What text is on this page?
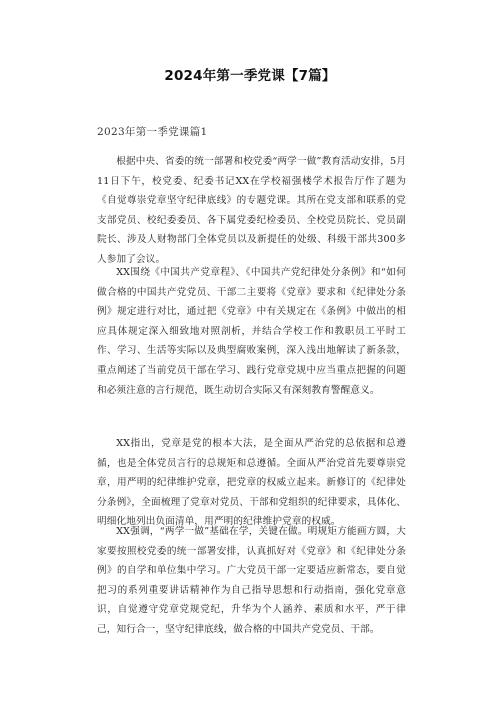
2024年第一季党课【7篇】
2023年第一季党课篇1

根据中央、省委的统一部署和校党委“两学一做”教育活动安排，5月11日下午，校党委、纪委书记XX在学校福强楼学术报告厅作了题为《自觉尊崇党章坚守纪律底线》的专题党课。其所在党支部和联系的党支部党员、校纪委委员、各下属党委纪检委员、全校党员院长、党员副院长、涉及人财物部门全体党员以及新提任的处级、科级干部共300多人参加了会议。

XX围绕《中国共产党章程》、《中国共产党纪律处分条例》和“如何做合格的中国共产党党员、干部二主要将《党章》要求和《纪律处分条例》规定进行对比，通过把《党章》中有关规定在《条例》中做出的相应具体规定深入细致地对照剖析，并结合学校工作和教职员工平时工作、学习、生活等实际以及典型腐败案例，深入浅出地解读了新条款，重点阐述了当前党员干部在学习、践行党章党规中应当重点把握的问题和必须注意的言行规范，既生动切合实际又有深刻教育警醒意义。

XX指出，党章是党的根本大法，是全面从严治党的总依据和总遵循，也是全体党员言行的总规矩和总遵循。全面从严治党首先要尊崇党章，用严明的纪律维护党章，把党章的权威立起来。新修订的《纪律处分条例》，全面梳理了党章对党员、干部和党组织的纪律要求，具体化、明细化地列出负面清单，用严明的纪律维护党章的权威。

XX强调，“两学一做”基础在学，关键在做。明规矩方能画方圆，大家要按照校党委的统一部署安排，认真抓好对《党章》和《纪律处分条例》的自学和单位集中学习。广大党员干部一定要适应新常态，要自觉把习的系列重要讲话精神作为自己指导思想和行动指南，强化党章意识，自觉遵守党章党规党纪，升华为个人涵养、素质和水平，严于律己，知行合一，坚守纪律底线，做合格的中国共产党党员、干部。
